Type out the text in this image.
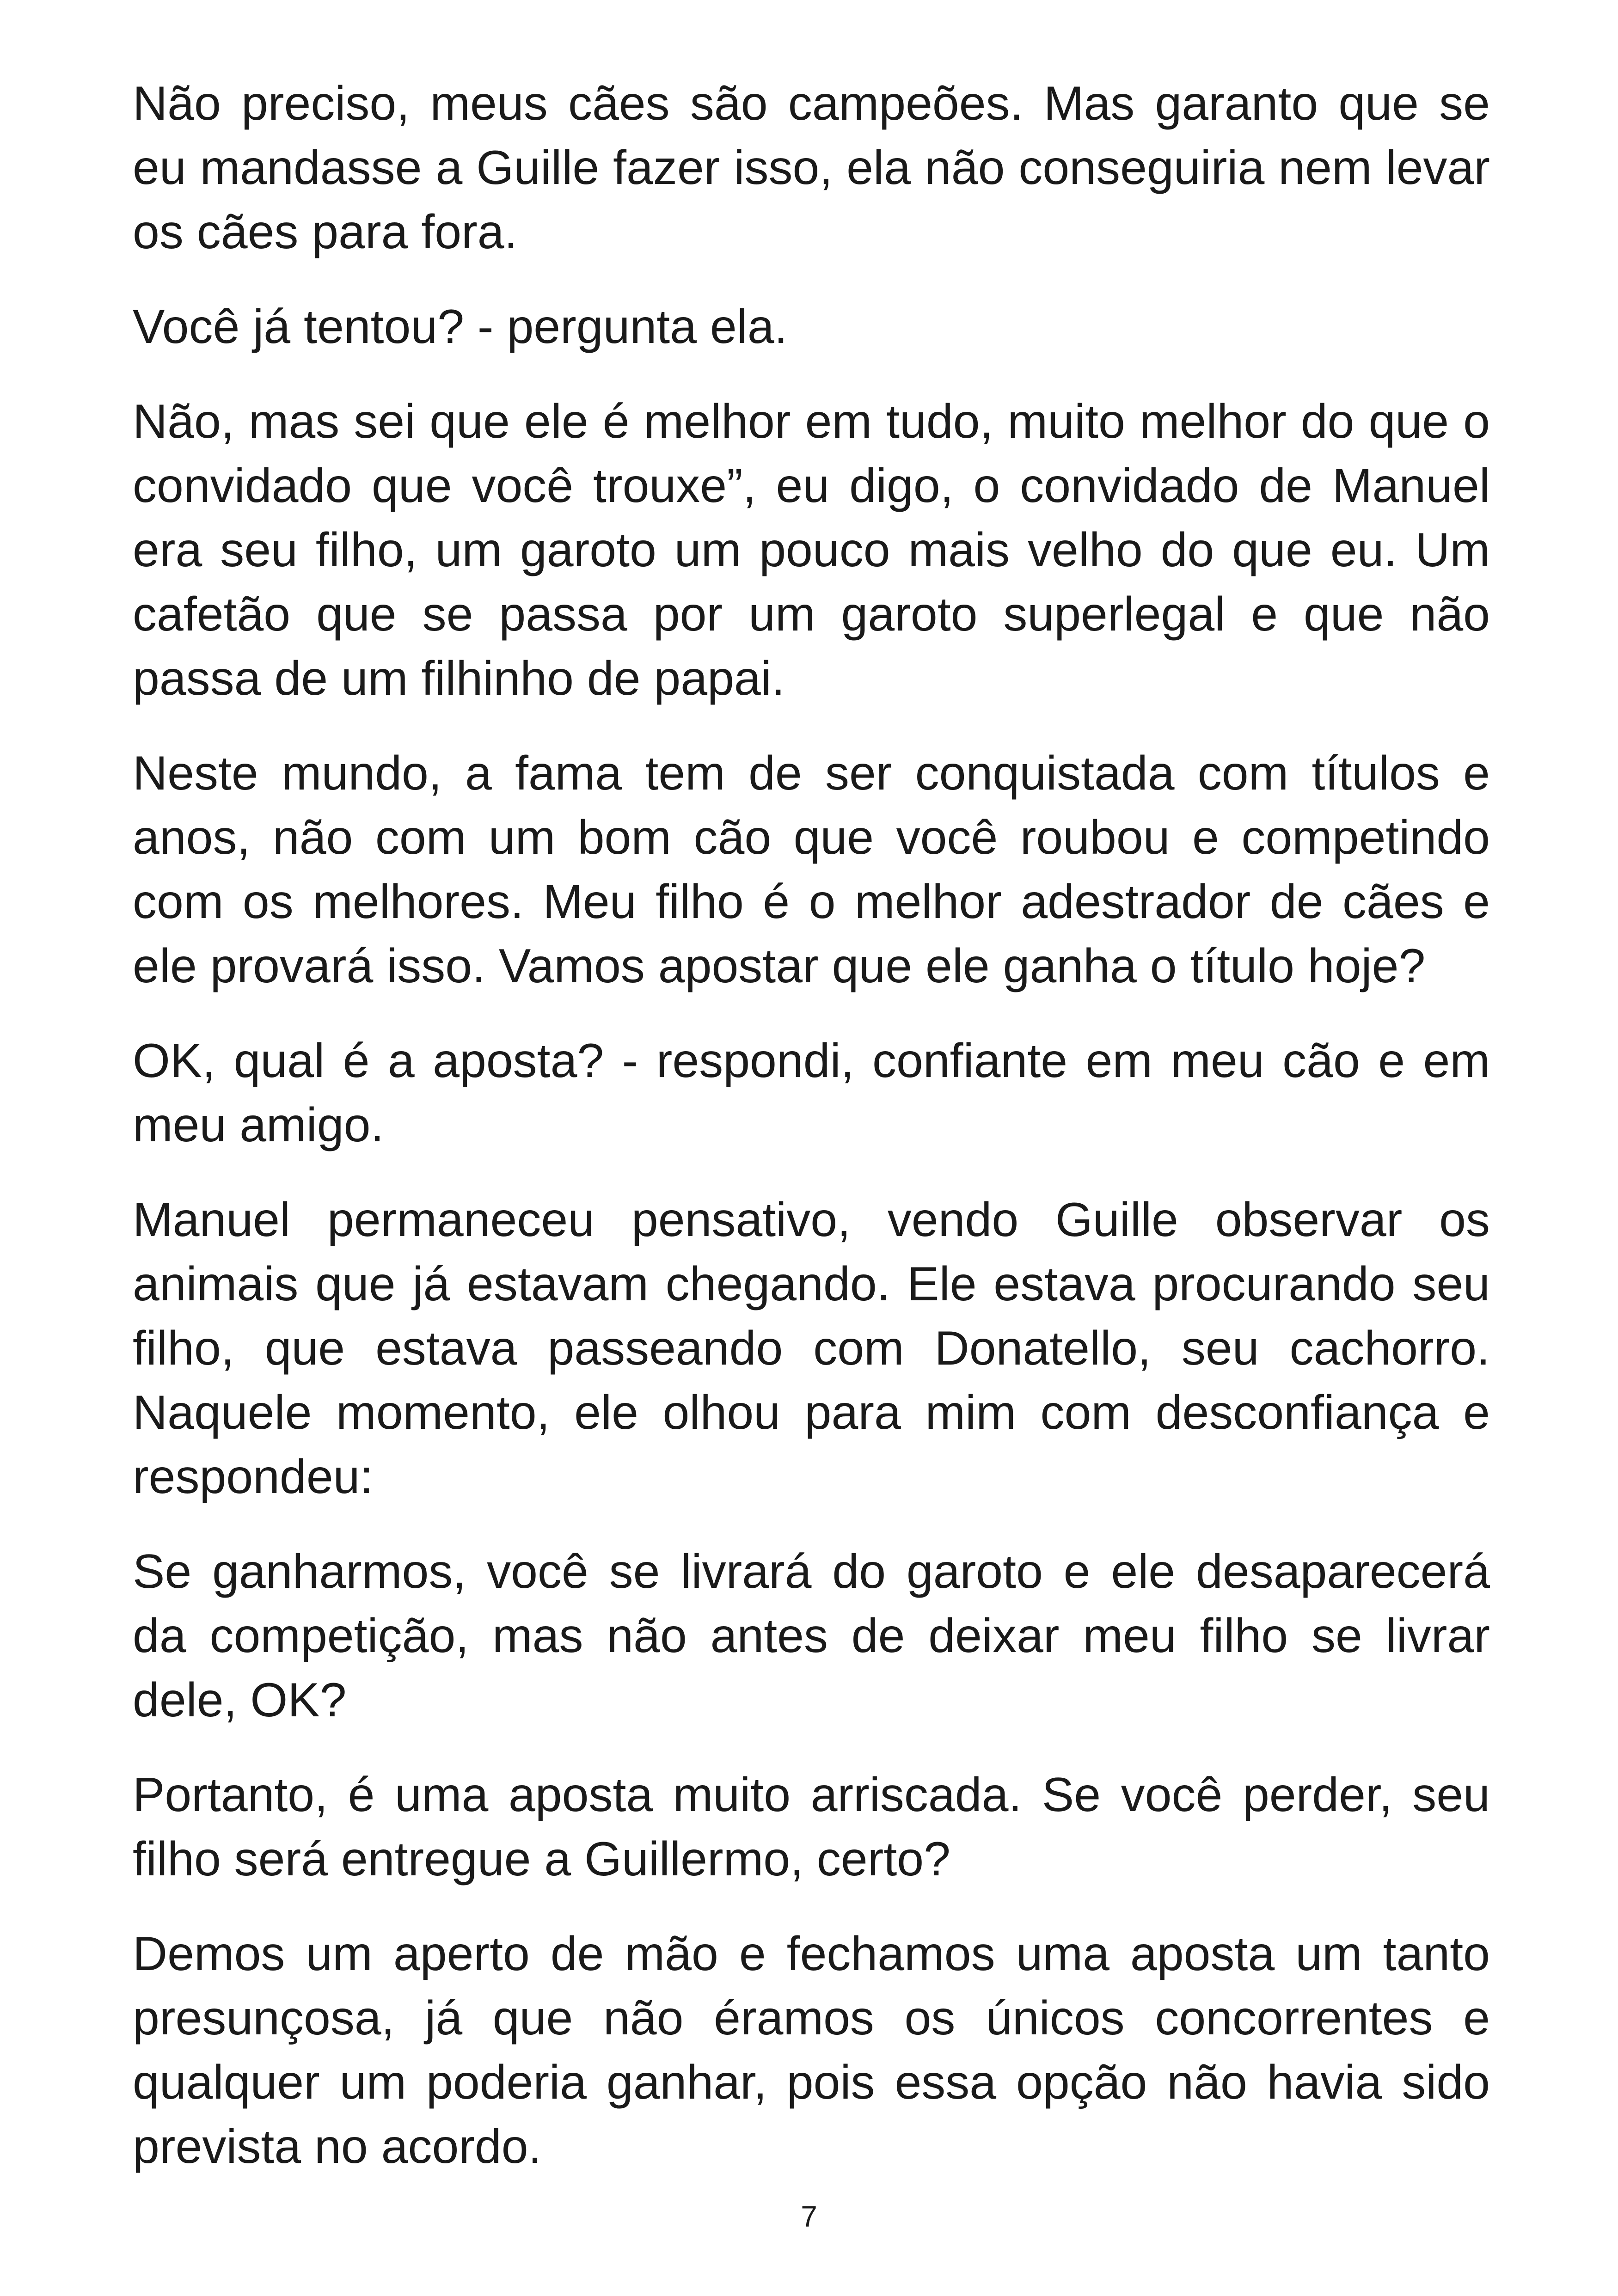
Não preciso, meus cães são campeões. Mas garanto que se eu mandasse a Guille fazer isso, ela não conseguiria nem levar os cães para fora.

Você já tentou? - pergunta ela.

Não, mas sei que ele é melhor em tudo, muito melhor do que o convidado que você trouxe”, eu digo, o convidado de Manuel era seu filho, um garoto um pouco mais velho do que eu. Um cafetão que se passa por um garoto superlegal e que não passa de um filhinho de papai.

Neste mundo, a fama tem de ser conquistada com títulos e anos, não com um bom cão que você roubou e competindo com os melhores. Meu filho é o melhor adestrador de cães e ele provará isso. Vamos apostar que ele ganha o título hoje?

OK, qual é a aposta? - respondi, confiante em meu cão e em meu amigo.

Manuel permaneceu pensativo, vendo Guille observar os animais que já estavam chegando. Ele estava procurando seu filho, que estava passeando com Donatello, seu cachorro. Naquele momento, ele olhou para mim com desconfiança e respondeu:

Se ganharmos, você se livrará do garoto e ele desaparecerá da competição, mas não antes de deixar meu filho se livrar dele, OK?

Portanto, é uma aposta muito arriscada. Se você perder, seu filho será entregue a Guillermo, certo?

Demos um aperto de mão e fechamos uma aposta um tanto presunçosa, já que não éramos os únicos concorrentes e qualquer um poderia ganhar, pois essa opção não havia sido prevista no acordo.

7
